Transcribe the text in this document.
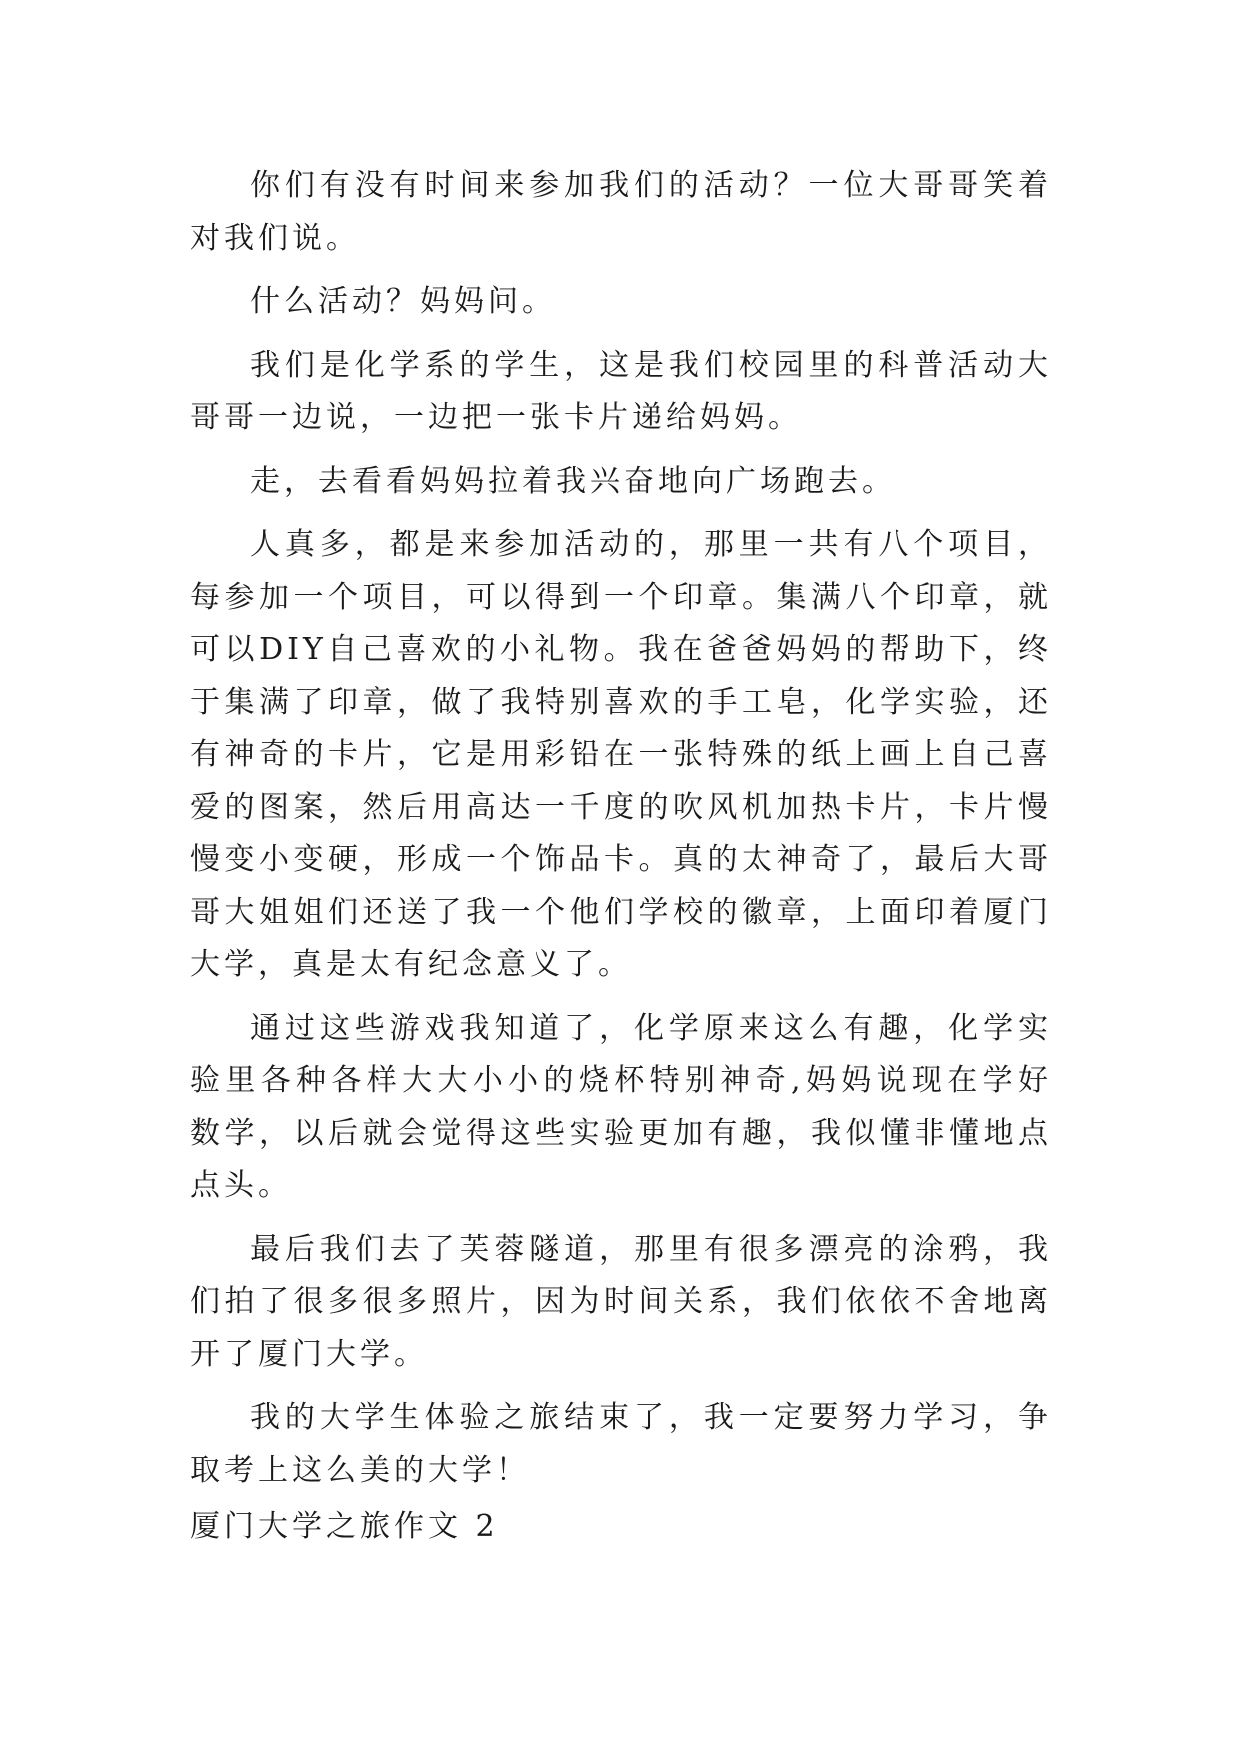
你们有没有时间来参加我们的活动？一位大哥哥笑着对我们说。

什么活动？妈妈问。

我们是化学系的学生，这是我们校园里的科普活动大哥哥一边说，一边把一张卡片递给妈妈。

走，去看看妈妈拉着我兴奋地向广场跑去。

人真多，都是来参加活动的，那里一共有八个项目，每参加一个项目，可以得到一个印章。集满八个印章，就可以DIY自己喜欢的小礼物。我在爸爸妈妈的帮助下，终于集满了印章，做了我特别喜欢的手工皂，化学实验，还有神奇的卡片，它是用彩铅在一张特殊的纸上画上自己喜爱的图案，然后用高达一千度的吹风机加热卡片，卡片慢慢变小变硬，形成一个饰品卡。真的太神奇了，最后大哥哥大姐姐们还送了我一个他们学校的徽章，上面印着厦门大学，真是太有纪念意义了。

通过这些游戏我知道了，化学原来这么有趣，化学实验里各种各样大大小小的烧杯特别神奇,妈妈说现在学好数学，以后就会觉得这些实验更加有趣，我似懂非懂地点点头。

最后我们去了芙蓉隧道，那里有很多漂亮的涂鸦，我们拍了很多很多照片，因为时间关系，我们依依不舍地离开了厦门大学。

我的大学生体验之旅结束了，我一定要努力学习，争取考上这么美的大学！

厦门大学之旅作文 2
